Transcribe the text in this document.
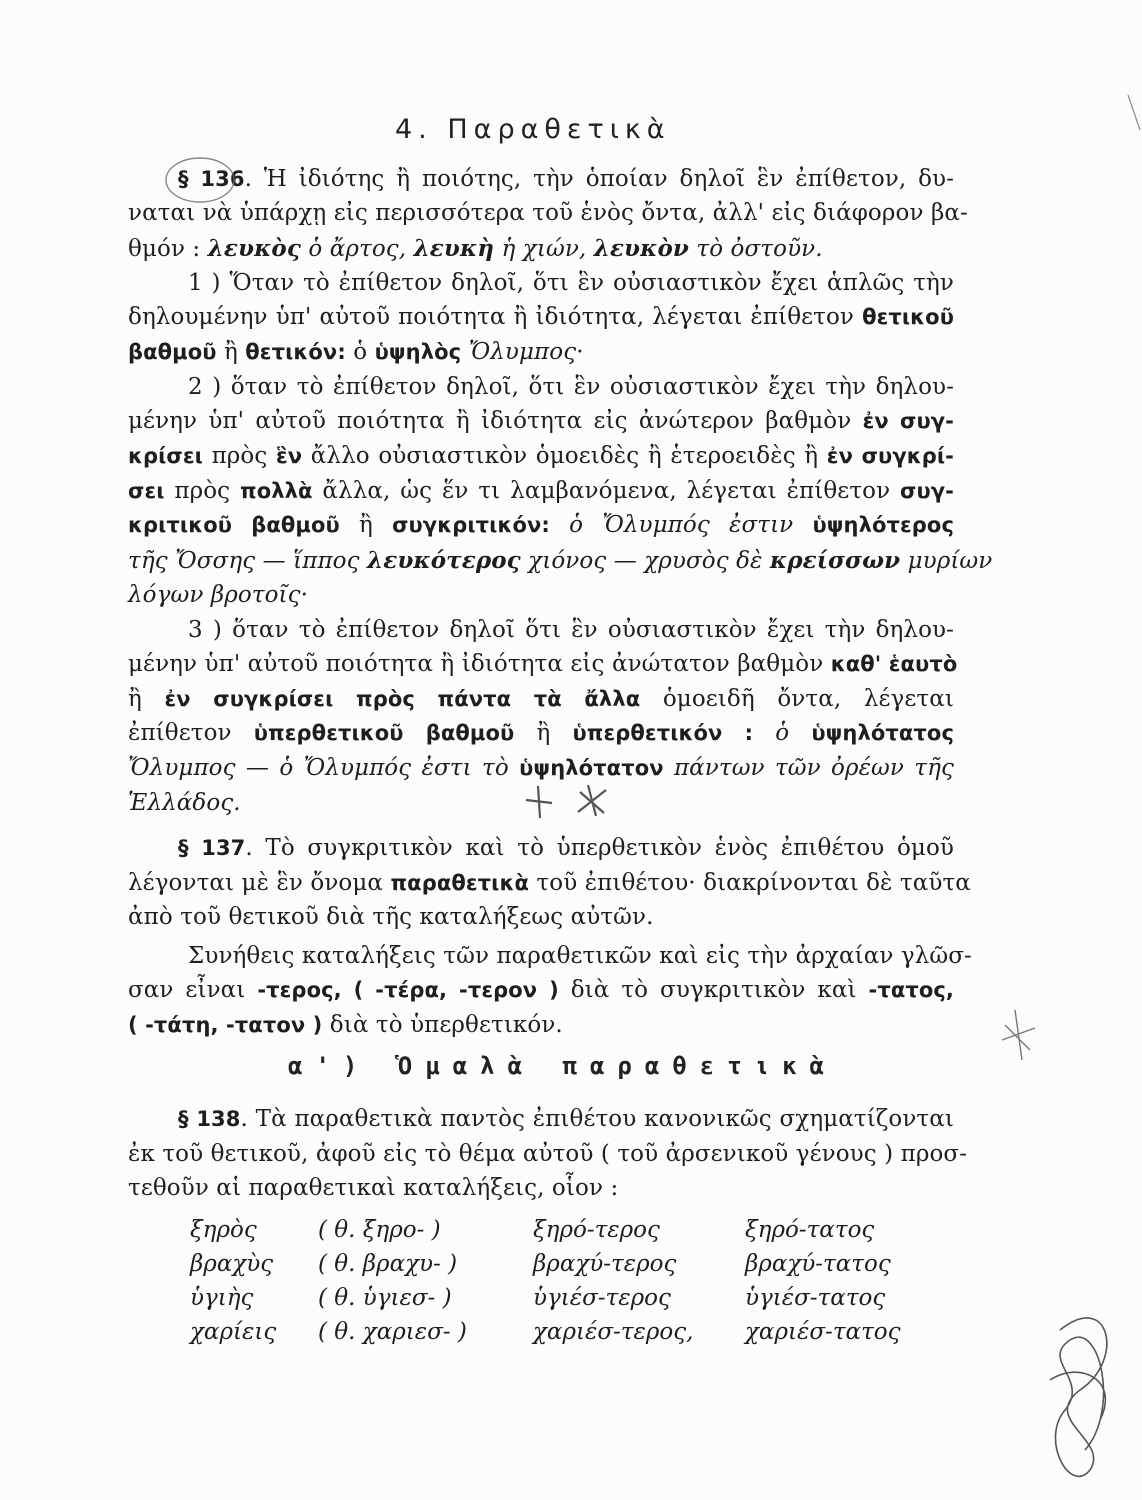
4. Παραθετικὰ
§ 136. Ἡ ἰδιότης ἢ ποιότης, τὴν ὁποίαν δηλοῖ ἓν ἐπίθετον, δυ-
ναται νὰ ὑπάρχῃ εἰς περισσότερα τοῦ ἑνὸς ὄντα, ἀλλ' εἰς διάφορον βα-
θμόν : λευκὸς ὁ ἄρτος, λευκὴ ἡ χιών, λευκὸν τὸ ὀστοῦν.
1 ) Ὅταν τὸ ἐπίθετον δηλοῖ, ὅτι ἓν οὐσιαστικὸν ἔχει ἁπλῶς τὴν
δηλουμένην ὑπ' αὐτοῦ ποιότητα ἢ ἰδιότητα, λέγεται ἐπίθετον θετικοῦ
βαθμοῦ ἢ θετικόν: ὁ ὑψηλὸς Ὄλυμπος·
2 ) ὅταν τὸ ἐπίθετον δηλοῖ, ὅτι ἓν οὐσιαστικὸν ἔχει τὴν δηλου-
μένην ὑπ' αὐτοῦ ποιότητα ἢ ἰδιότητα εἰς ἀνώτερον βαθμὸν ἐν συγ-
κρίσει πρὸς ἓν ἄλλο οὐσιαστικὸν ὁμοειδὲς ἢ ἑτεροειδὲς ἢ ἐν συγκρί-
σει πρὸς πολλὰ ἄλλα, ὡς ἕν τι λαμβανόμενα, λέγεται ἐπίθετον συγ-
κριτικοῦ βαθμοῦ ἢ συγκριτικόν: ὁ Ὄλυμπός ἐστιν ὑψηλότερος
τῆς Ὄσσης — ἵππος λευκότερος χιόνος — χρυσὸς δὲ κρείσσων μυρίων
λόγων βροτοῖς·
3 ) ὅταν τὸ ἐπίθετον δηλοῖ ὅτι ἓν οὐσιαστικὸν ἔχει τὴν δηλου-
μένην ὑπ' αὐτοῦ ποιότητα ἢ ἰδιότητα εἰς ἀνώτατον βαθμὸν καθ' ἑαυτὸ
ἢ ἐν συγκρίσει πρὸς πάντα τὰ ἄλλα ὁμοειδῆ ὄντα, λέγεται
ἐπίθετον ὑπερθετικοῦ βαθμοῦ ἢ ὑπερθετικόν : ὁ ὑψηλότατος
Ὄλυμπος — ὁ Ὄλυμπός ἐστι τὸ ὑψηλότατον πάντων τῶν ὀρέων τῆς
Ἑλλάδος.
§ 137. Τὸ συγκριτικὸν καὶ τὸ ὑπερθετικὸν ἑνὸς ἐπιθέτου ὁμοῦ
λέγονται μὲ ἓν ὄνομα παραθετικὰ τοῦ ἐπιθέτου· διακρίνονται δὲ ταῦτα
ἀπὸ τοῦ θετικοῦ διὰ τῆς καταλήξεως αὐτῶν.
Συνήθεις καταλήξεις τῶν παραθετικῶν καὶ εἰς τὴν ἀρχαίαν γλῶσ-
σαν εἶναι -τερος, ( -τέρα, -τερον ) διὰ τὸ συγκριτικὸν καὶ -τατος,
( -τάτη, -τατον ) διὰ τὸ ὑπερθετικόν.
α') Ὁμαλὰ παραθετικὰ
§ 138. Τὰ παραθετικὰ παντὸς ἐπιθέτου κανονικῶς σχηματίζονται
ἐκ τοῦ θετικοῦ, ἀφοῦ εἰς τὸ θέμα αὐτοῦ ( τοῦ ἀρσενικοῦ γένους ) προσ-
τεθοῦν αἱ παραθετικαὶ καταλήξεις, οἷον :
ξηρὸς	( θ. ξηρο- )	ξηρό-τερος	ξηρό-τατος
βραχὺς ( θ. βραχυ- )	βραχύ-τερος	βραχύ-τατος
ὑγιὴς	( θ. ὑγιεσ- )	ὑγιέσ-τερος	ὑγιέσ-τατος
χαρίεις ( θ. χαριεσ- )	χαριέσ-τερος, χαριέσ-τατος
